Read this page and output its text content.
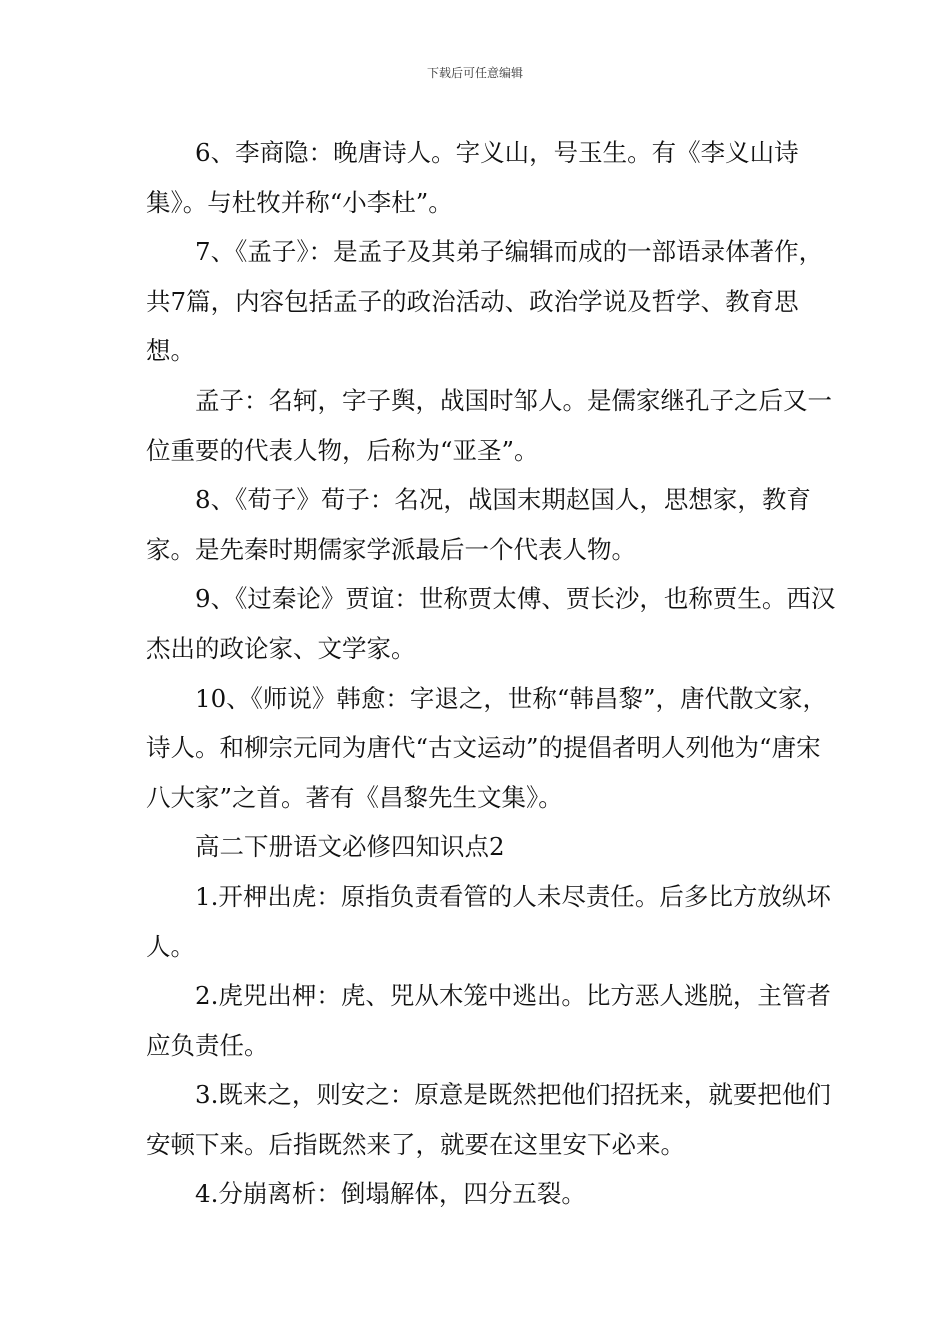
下载后可任意编辑

6、李商隐：晚唐诗人。字义山，号玉生。有《李义山诗集》。与杜牧并称“小李杜”。

7、《孟子》：是孟子及其弟子编辑而成的一部语录体著作，共7篇，内容包括孟子的政治活动、政治学说及哲学、教育思想。

孟子：名轲，字子舆，战国时邹人。是儒家继孔子之后又一位重要的代表人物，后称为“亚圣”。

8、《荀子》荀子：名况，战国末期赵国人，思想家，教育家。是先秦时期儒家学派最后一个代表人物。

9、《过秦论》贾谊：世称贾太傅、贾长沙，也称贾生。西汉杰出的政论家、文学家。

10、《师说》韩愈：字退之，世称“韩昌黎”，唐代散文家，诗人。和柳宗元同为唐代“古文运动”的提倡者明人列他为“唐宋八大家”之首。著有《昌黎先生文集》。

高二下册语文必修四知识点2

1.开柙出虎：原指负责看管的人未尽责任。后多比方放纵坏人。

2.虎兕出柙：虎、兕从木笼中逃出。比方恶人逃脱，主管者应负责任。

3.既来之，则安之：原意是既然把他们招抚来，就要把他们安顿下来。后指既然来了，就要在这里安下必来。

4.分崩离析：倒塌解体，四分五裂。
